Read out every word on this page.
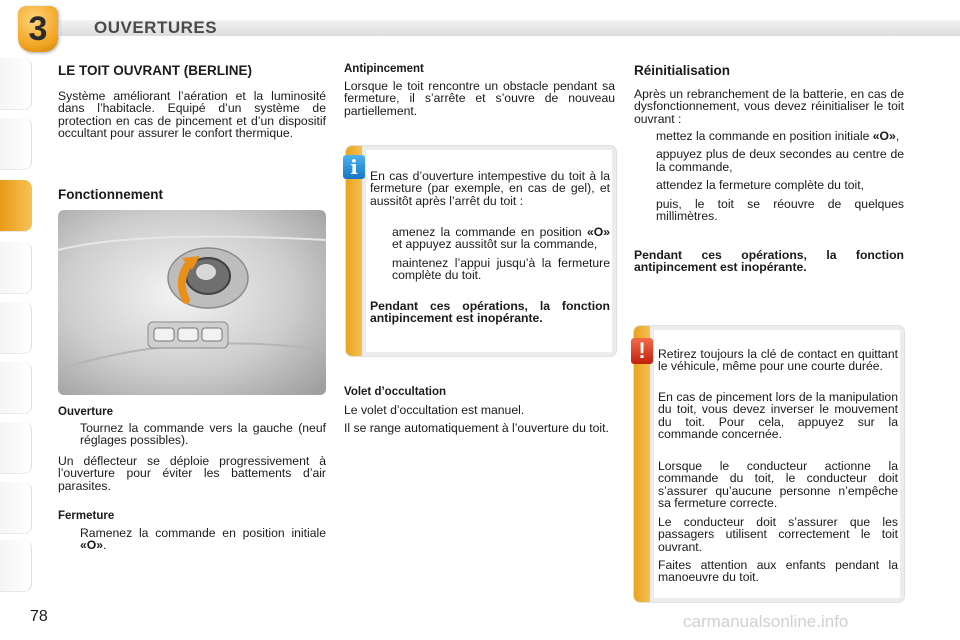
3	OUVERTURES
LE TOIT OUVRANT (BERLINE)
Système améliorant l’aération et la luminosité dans l’habitacle. Equipé d’un système de protection en cas de pincement et d’un dispositif occultant pour assurer le confort thermique.
Fonctionnement
Ouverture
Tournez la commande vers la gauche (neuf réglages possibles).
Un déflecteur se déploie progressivement à l’ouverture pour éviter les battements d’air parasites.
Fermeture
Ramenez la commande en position initiale «O».
Antipincement
Lorsque le toit rencontre un obstacle pendant sa fermeture, il s’arrête et s’ouvre de nouveau partiellement.
En cas d’ouverture intempestive du toit à la fermeture (par exemple, en cas de gel), et aussitôt après l’arrêt du toit :
amenez la commande en position «O» et appuyez aussitôt sur la commande,
maintenez l’appui jusqu’à la fermeture complète du toit.
Pendant ces opérations, la fonction antipincement est inopérante.
i
Volet d’occultation
Le volet d’occultation est manuel.
Il se range automatiquement à l’ouverture du toit.
Réinitialisation
Après un rebranchement de la batterie, en cas de dysfonctionnement, vous devez réinitialiser le toit ouvrant :
mettez la commande en position initiale «O»,
appuyez plus de deux secondes au centre de la commande,
attendez la fermeture complète du toit,
puis, le toit se réouvre de quelques millimètres.
Pendant ces opérations, la fonction antipincement est inopérante.
Retirez toujours la clé de contact en quittant le véhicule, même pour une courte durée.
En cas de pincement lors de la manipulation du toit, vous devez inverser le mouvement du toit. Pour cela, appuyez sur la commande concernée.
Lorsque le conducteur actionne la commande du toit, le conducteur doit s’assurer qu’aucune personne n’empêche sa fermeture correcte.
Le conducteur doit s’assurer que les passagers utilisent correctement le toit ouvrant.
Faites attention aux enfants pendant la manoeuvre du toit.
!
78	carmanualsonline.info
